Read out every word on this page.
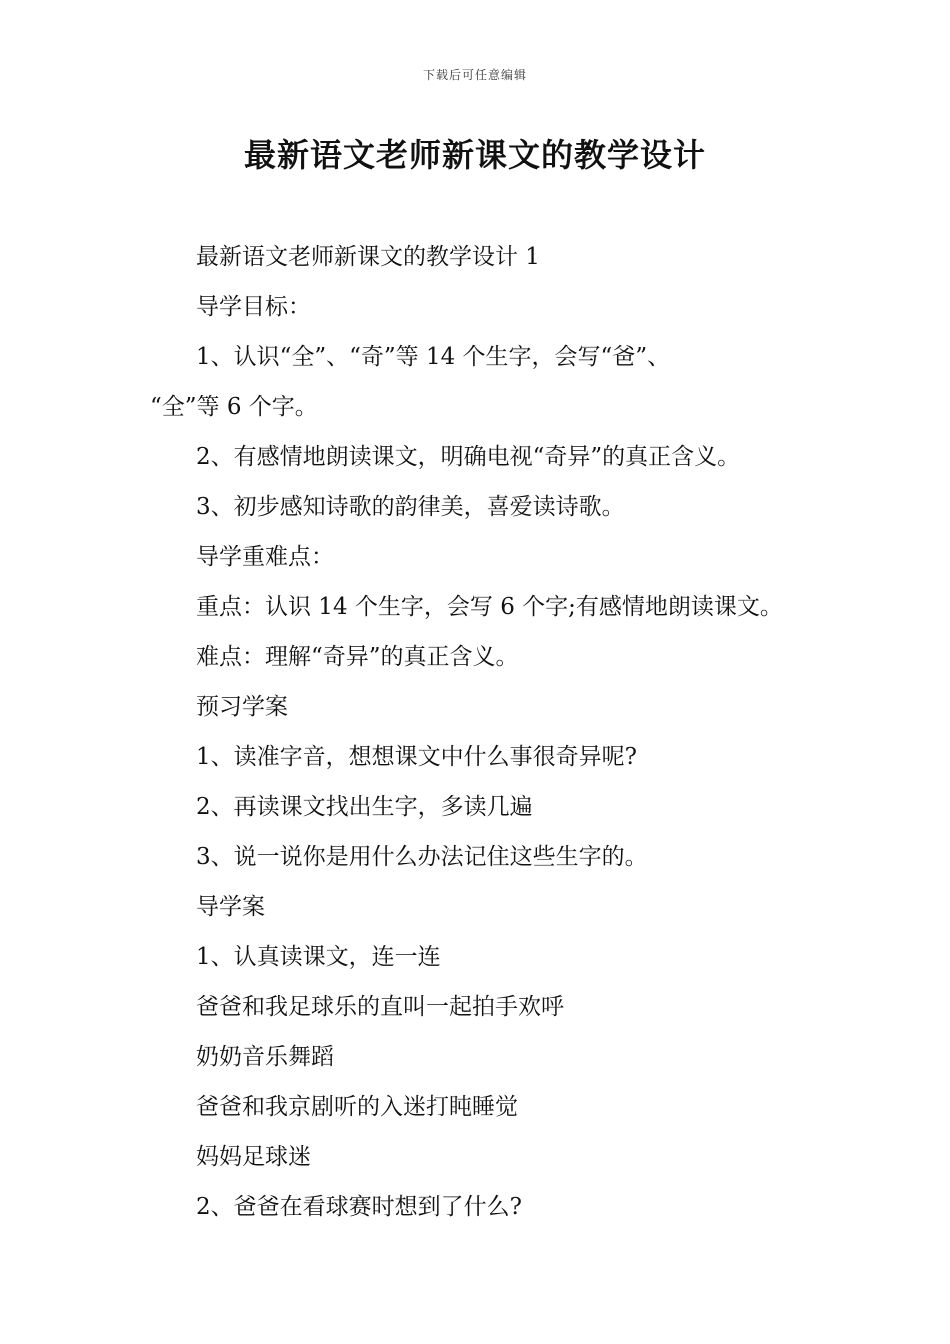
下载后可任意编辑
最新语文老师新课文的教学设计

最新语文老师新课文的教学设计 1

导学目标：

1、认识“全”、“奇”等 14 个生字，会写“爸”、

“全”等 6 个字。

2、有感情地朗读课文，明确电视“奇异”的真正含义。

3、初步感知诗歌的韵律美，喜爱读诗歌。

导学重难点：

重点：认识 14 个生字，会写 6 个字;有感情地朗读课文。

难点：理解“奇异”的真正含义。

预习学案

1、读准字音，想想课文中什么事很奇异呢?

2、再读课文找出生字，多读几遍

3、说一说你是用什么办法记住这些生字的。

导学案

1、认真读课文，连一连

爸爸和我足球乐的直叫一起拍手欢呼

奶奶音乐舞蹈

爸爸和我京剧听的入迷打盹睡觉

妈妈足球迷

2、爸爸在看球赛时想到了什么?
